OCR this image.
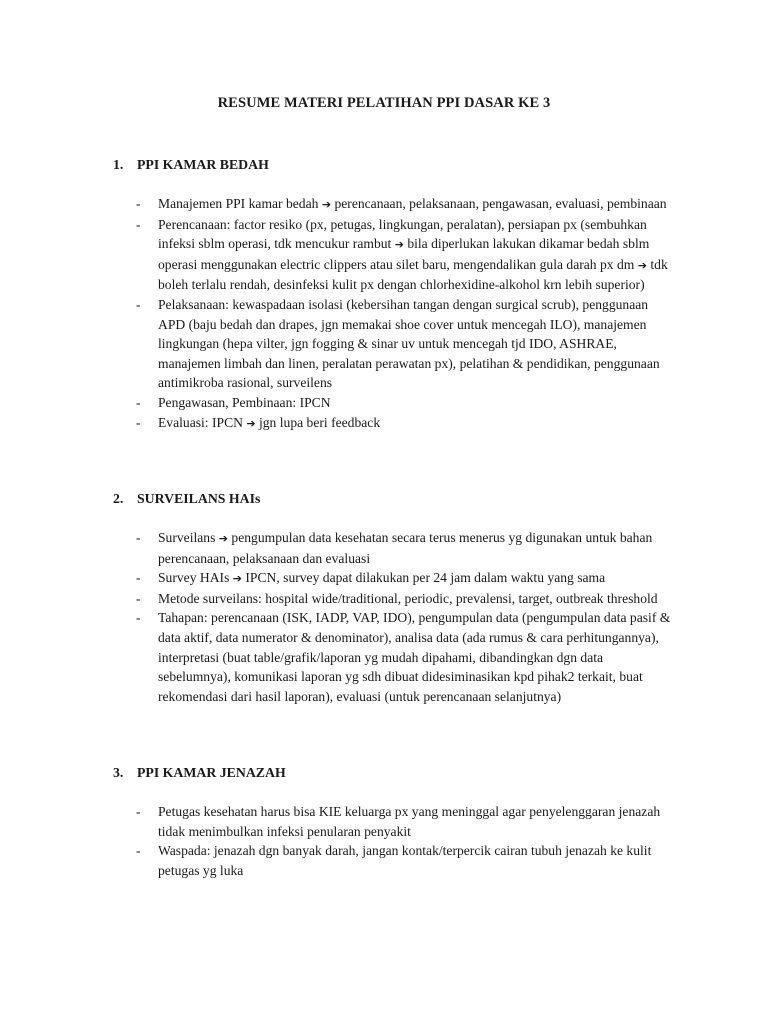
RESUME MATERI PELATIHAN PPI DASAR KE 3
1. PPI KAMAR BEDAH
- Manajemen PPI kamar bedah ➔ perencanaan, pelaksanaan, pengawasan, evaluasi, pembinaan
- Perencanaan: factor resiko (px, petugas, lingkungan, peralatan), persiapan px (sembuhkan infeksi sblm operasi, tdk mencukur rambut ➔ bila diperlukan lakukan dikamar bedah sblm operasi menggunakan electric clippers atau silet baru, mengendalikan gula darah px dm ➔ tdk boleh terlalu rendah, desinfeksi kulit px dengan chlorhexidine-alkohol krn lebih superior)
- Pelaksanaan: kewaspadaan isolasi (kebersihan tangan dengan surgical scrub), penggunaan APD (baju bedah dan drapes, jgn memakai shoe cover untuk mencegah ILO), manajemen lingkungan (hepa vilter, jgn fogging & sinar uv untuk mencegah tjd IDO, ASHRAE, manajemen limbah dan linen, peralatan perawatan px), pelatihan & pendidikan, penggunaan antimikroba rasional, surveilens
- Pengawasan, Pembinaan: IPCN
- Evaluasi: IPCN ➔ jgn lupa beri feedback
2. SURVEILANS HAIs
- Surveilans ➔ pengumpulan data kesehatan secara terus menerus yg digunakan untuk bahan perencanaan, pelaksanaan dan evaluasi
- Survey HAIs ➔ IPCN, survey dapat dilakukan per 24 jam dalam waktu yang sama
- Metode surveilans: hospital wide/traditional, periodic, prevalensi, target, outbreak threshold
- Tahapan: perencanaan (ISK, IADP, VAP, IDO), pengumpulan data (pengumpulan data pasif & data aktif, data numerator & denominator), analisa data (ada rumus & cara perhitungannya), interpretasi (buat table/grafik/laporan yg mudah dipahami, dibandingkan dgn data sebelumnya), komunikasi laporan yg sdh dibuat didesiminasikan kpd pihak2 terkait, buat rekomendasi dari hasil laporan), evaluasi (untuk perencanaan selanjutnya)
3. PPI KAMAR JENAZAH
- Petugas kesehatan harus bisa KIE keluarga px yang meninggal agar penyelenggaran jenazah tidak menimbulkan infeksi penularan penyakit
- Waspada: jenazah dgn banyak darah, jangan kontak/terpercik cairan tubuh jenazah ke kulit petugas yg luka
